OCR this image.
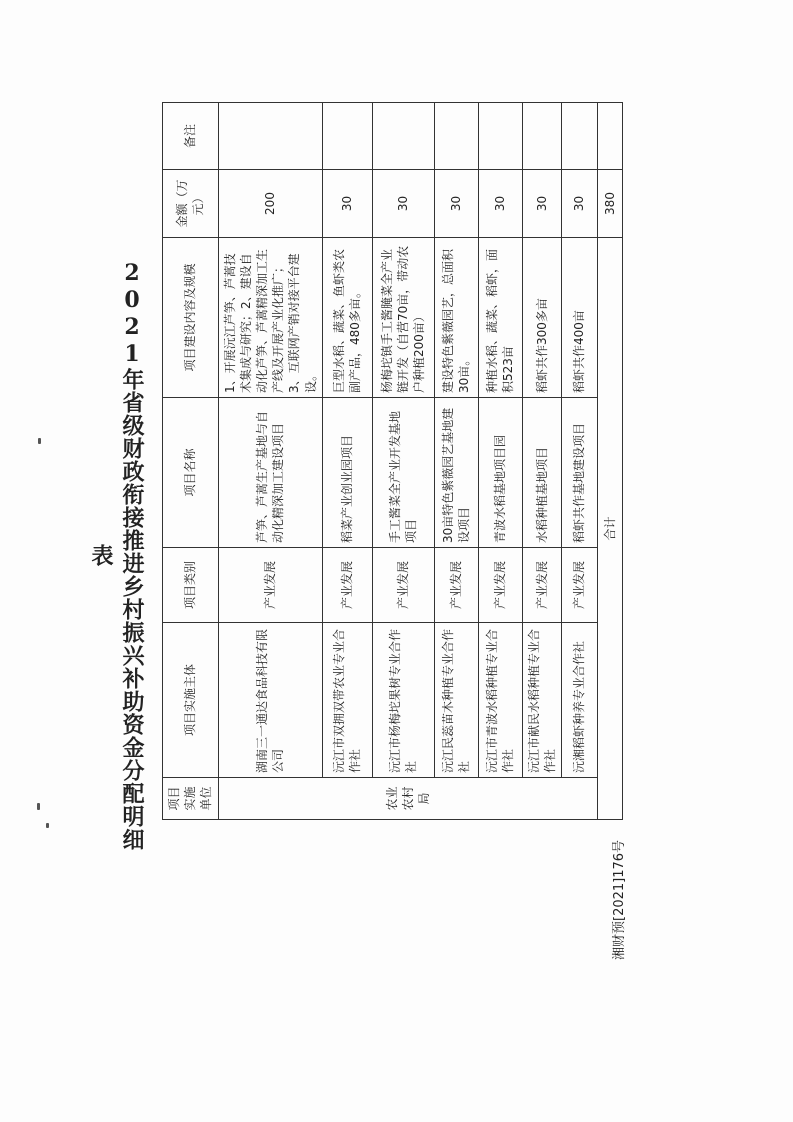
2021年省级财政衔接推进乡村振兴补助资金分配明细表
项目实施单位	项目实施主体	项目类别	项目名称	项目建设内容及规模	金额（万元）	备注
农业农村局	湖南三一通达食品科技有限公司	产业发展	芦笋、芦蒿生产基地与自动化精深加工建设项目	1、开展沅江芦笋、芦蒿技术集成与研究；2、建设自动化芦笋、芦蒿精深加工生产线及开展产业化推广； 3、互联网产销对接平台建设。	200	
	沅江市双拥双带农业专业合作社	产业发展	稻菜产业创业园项目	巨型水稻、蔬菜、鱼虾类农副产品，480多亩。	30	
	沅江市杨梅坨果树专业合作社	产业发展	手工酱菜全产业开发基地项目	杨梅坨镇手工酱腌菜全产业链开发（自营70亩，带动农户种植200亩）	30	
	沅江民蕊苗木种植专业合作社	产业发展	30亩特色紫薇园艺基地建设项目	建设特色紫薇园艺，总面积30亩。	30	
	沅江市青波水稻种植专业合作社	产业发展	青波水稻基地项目园	种植水稻、蔬菜、稻虾，面积523亩	30	
	沅江市献民水稻种植专业合作社	产业发展	水稻种植基地项目	稻虾共作300多亩	30	
	沅湘稻虾种养专业合作社	产业发展	稻虾共作基地建设项目	稻虾共作400亩	30	
合计					380	
湘财预[2021]176号
